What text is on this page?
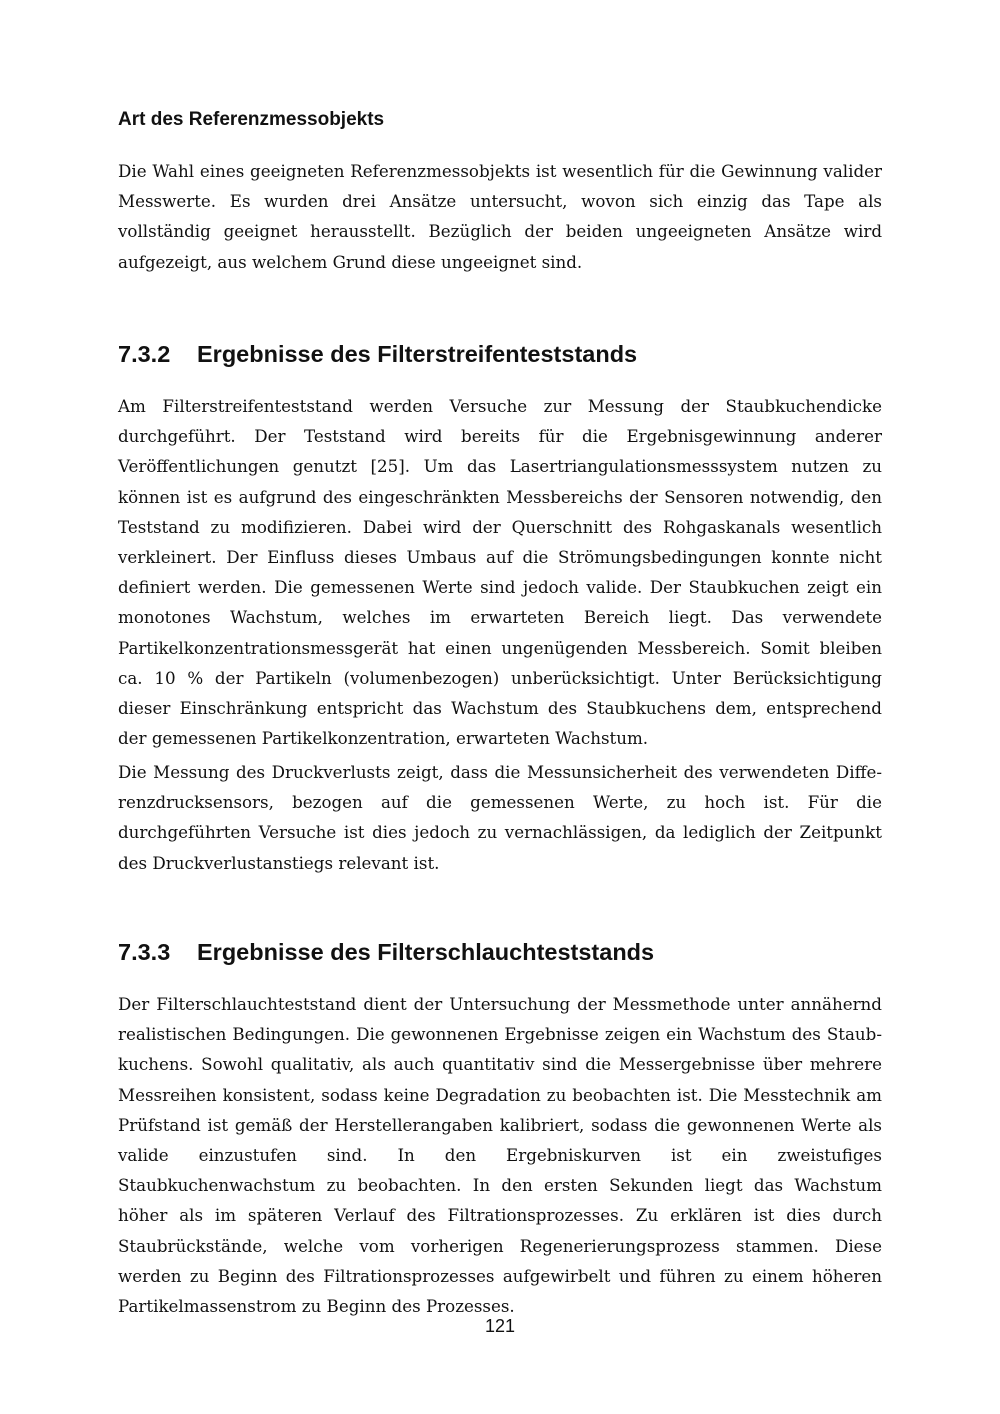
Art des Referenzmessobjekts

Die Wahl eines geeigneten Referenzmessobjekts ist wesentlich für die Gewinnung valider Messwerte. Es wurden drei Ansätze untersucht, wovon sich einzig das Tape als vollständig geeignet herausstellt. Bezüglich der beiden ungeeigneten Ansätze wird aufgezeigt, aus welchem Grund diese ungeeignet sind.

7.3.2 Ergebnisse des Filterstreifenteststands

Am Filterstreifenteststand werden Versuche zur Messung der Staubkuchendicke durchgeführt. Der Teststand wird bereits für die Ergebnisgewinnung anderer Veröffentlichungen genutzt [25]. Um das Lasertriangulationsmesssystem nutzen zu können ist es aufgrund des eingeschränkten Messbereichs der Sensoren notwendig, den Teststand zu modifizieren. Dabei wird der Querschnitt des Rohgaskanals wesentlich verkleinert. Der Einfluss dieses Umbaus auf die Strömungsbedingungen konnte nicht definiert werden. Die gemessenen Werte sind jedoch valide. Der Staubkuchen zeigt ein monotones Wachstum, welches im erwarteten Bereich liegt. Das verwendete Partikelkonzentrationsmessgerät hat einen ungenügenden Messbereich. Somit bleiben ca. 10 % der Partikeln (volumenbezogen) unberücksichtigt. Unter Berücksichtigung dieser Einschränkung entspricht das Wachstum des Staubkuchens dem, entsprechend der gemessenen Partikelkonzentration, erwarteten Wachstum.

Die Messung des Druckverlusts zeigt, dass die Messunsicherheit des verwendeten Differenzdrucksensors, bezogen auf die gemessenen Werte, zu hoch ist. Für die durchgeführten Versuche ist dies jedoch zu vernachlässigen, da lediglich der Zeitpunkt des Druckverlustanstiegs relevant ist.

7.3.3 Ergebnisse des Filterschlauchteststands

Der Filterschlauchteststand dient der Untersuchung der Messmethode unter annähernd realistischen Bedingungen. Die gewonnenen Ergebnisse zeigen ein Wachstum des Staubkuchens. Sowohl qualitativ, als auch quantitativ sind die Messergebnisse über mehrere Messreihen konsistent, sodass keine Degradation zu beobachten ist. Die Messtechnik am Prüfstand ist gemäß der Herstellerangaben kalibriert, sodass die gewonnenen Werte als valide einzustufen sind. In den Ergebniskurven ist ein zweistufiges Staubkuchenwachstum zu beobachten. In den ersten Sekunden liegt das Wachstum höher als im späteren Verlauf des Filtrationsprozesses. Zu erklären ist dies durch Staubrückstände, welche vom vorherigen Regenerierungsprozess stammen. Diese werden zu Beginn des Filtrationsprozesses aufgewirbelt und führen zu einem höheren Partikelmassenstrom zu Beginn des Prozesses.

121
